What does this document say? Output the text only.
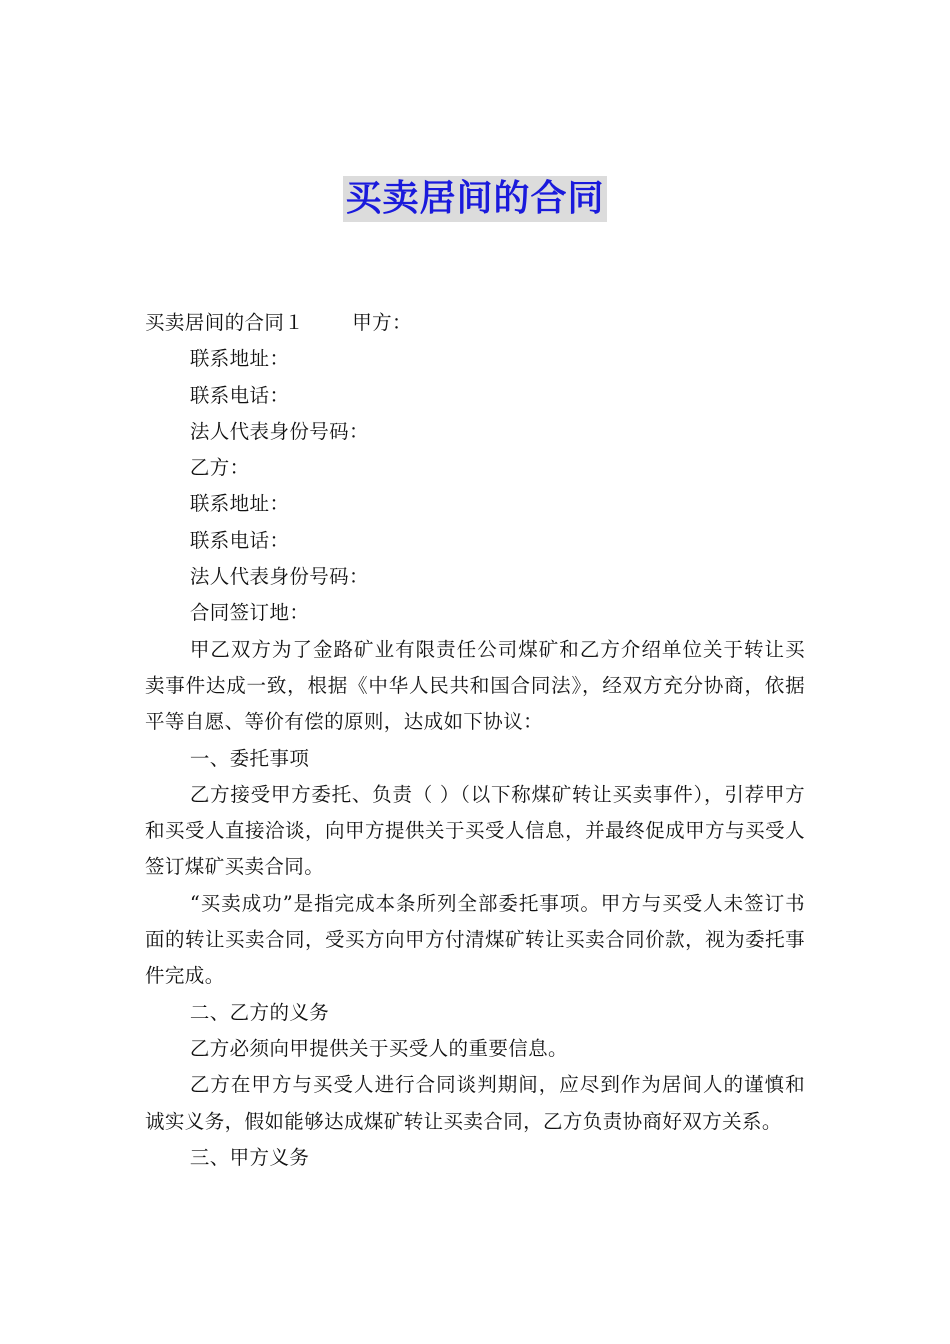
买卖居间的合同

买卖居间的合同１ 甲方：

联系地址：

联系电话：

法人代表身份号码：

乙方：

联系地址：

联系电话：

法人代表身份号码：

合同签订地：

甲乙双方为了金路矿业有限责任公司煤矿和乙方介绍单位关于转让买卖事件达成一致，根据《中华人民共和国合同法》，经双方充分协商，依据平等自愿、等价有偿的原则，达成如下协议：

一、委托事项

乙方接受甲方委托、负责（ ）（以下称煤矿转让买卖事件），引荐甲方和买受人直接洽谈，向甲方提供关于买受人信息，并最终促成甲方与买受人签订煤矿买卖合同。

“买卖成功”是指完成本条所列全部委托事项。甲方与买受人未签订书面的转让买卖合同，受买方向甲方付清煤矿转让买卖合同价款，视为委托事件完成。

二、乙方的义务

乙方必须向甲提供关于买受人的重要信息。

乙方在甲方与买受人进行合同谈判期间，应尽到作为居间人的谨慎和诚实义务，假如能够达成煤矿转让买卖合同，乙方负责协商好双方关系。

三、甲方义务
